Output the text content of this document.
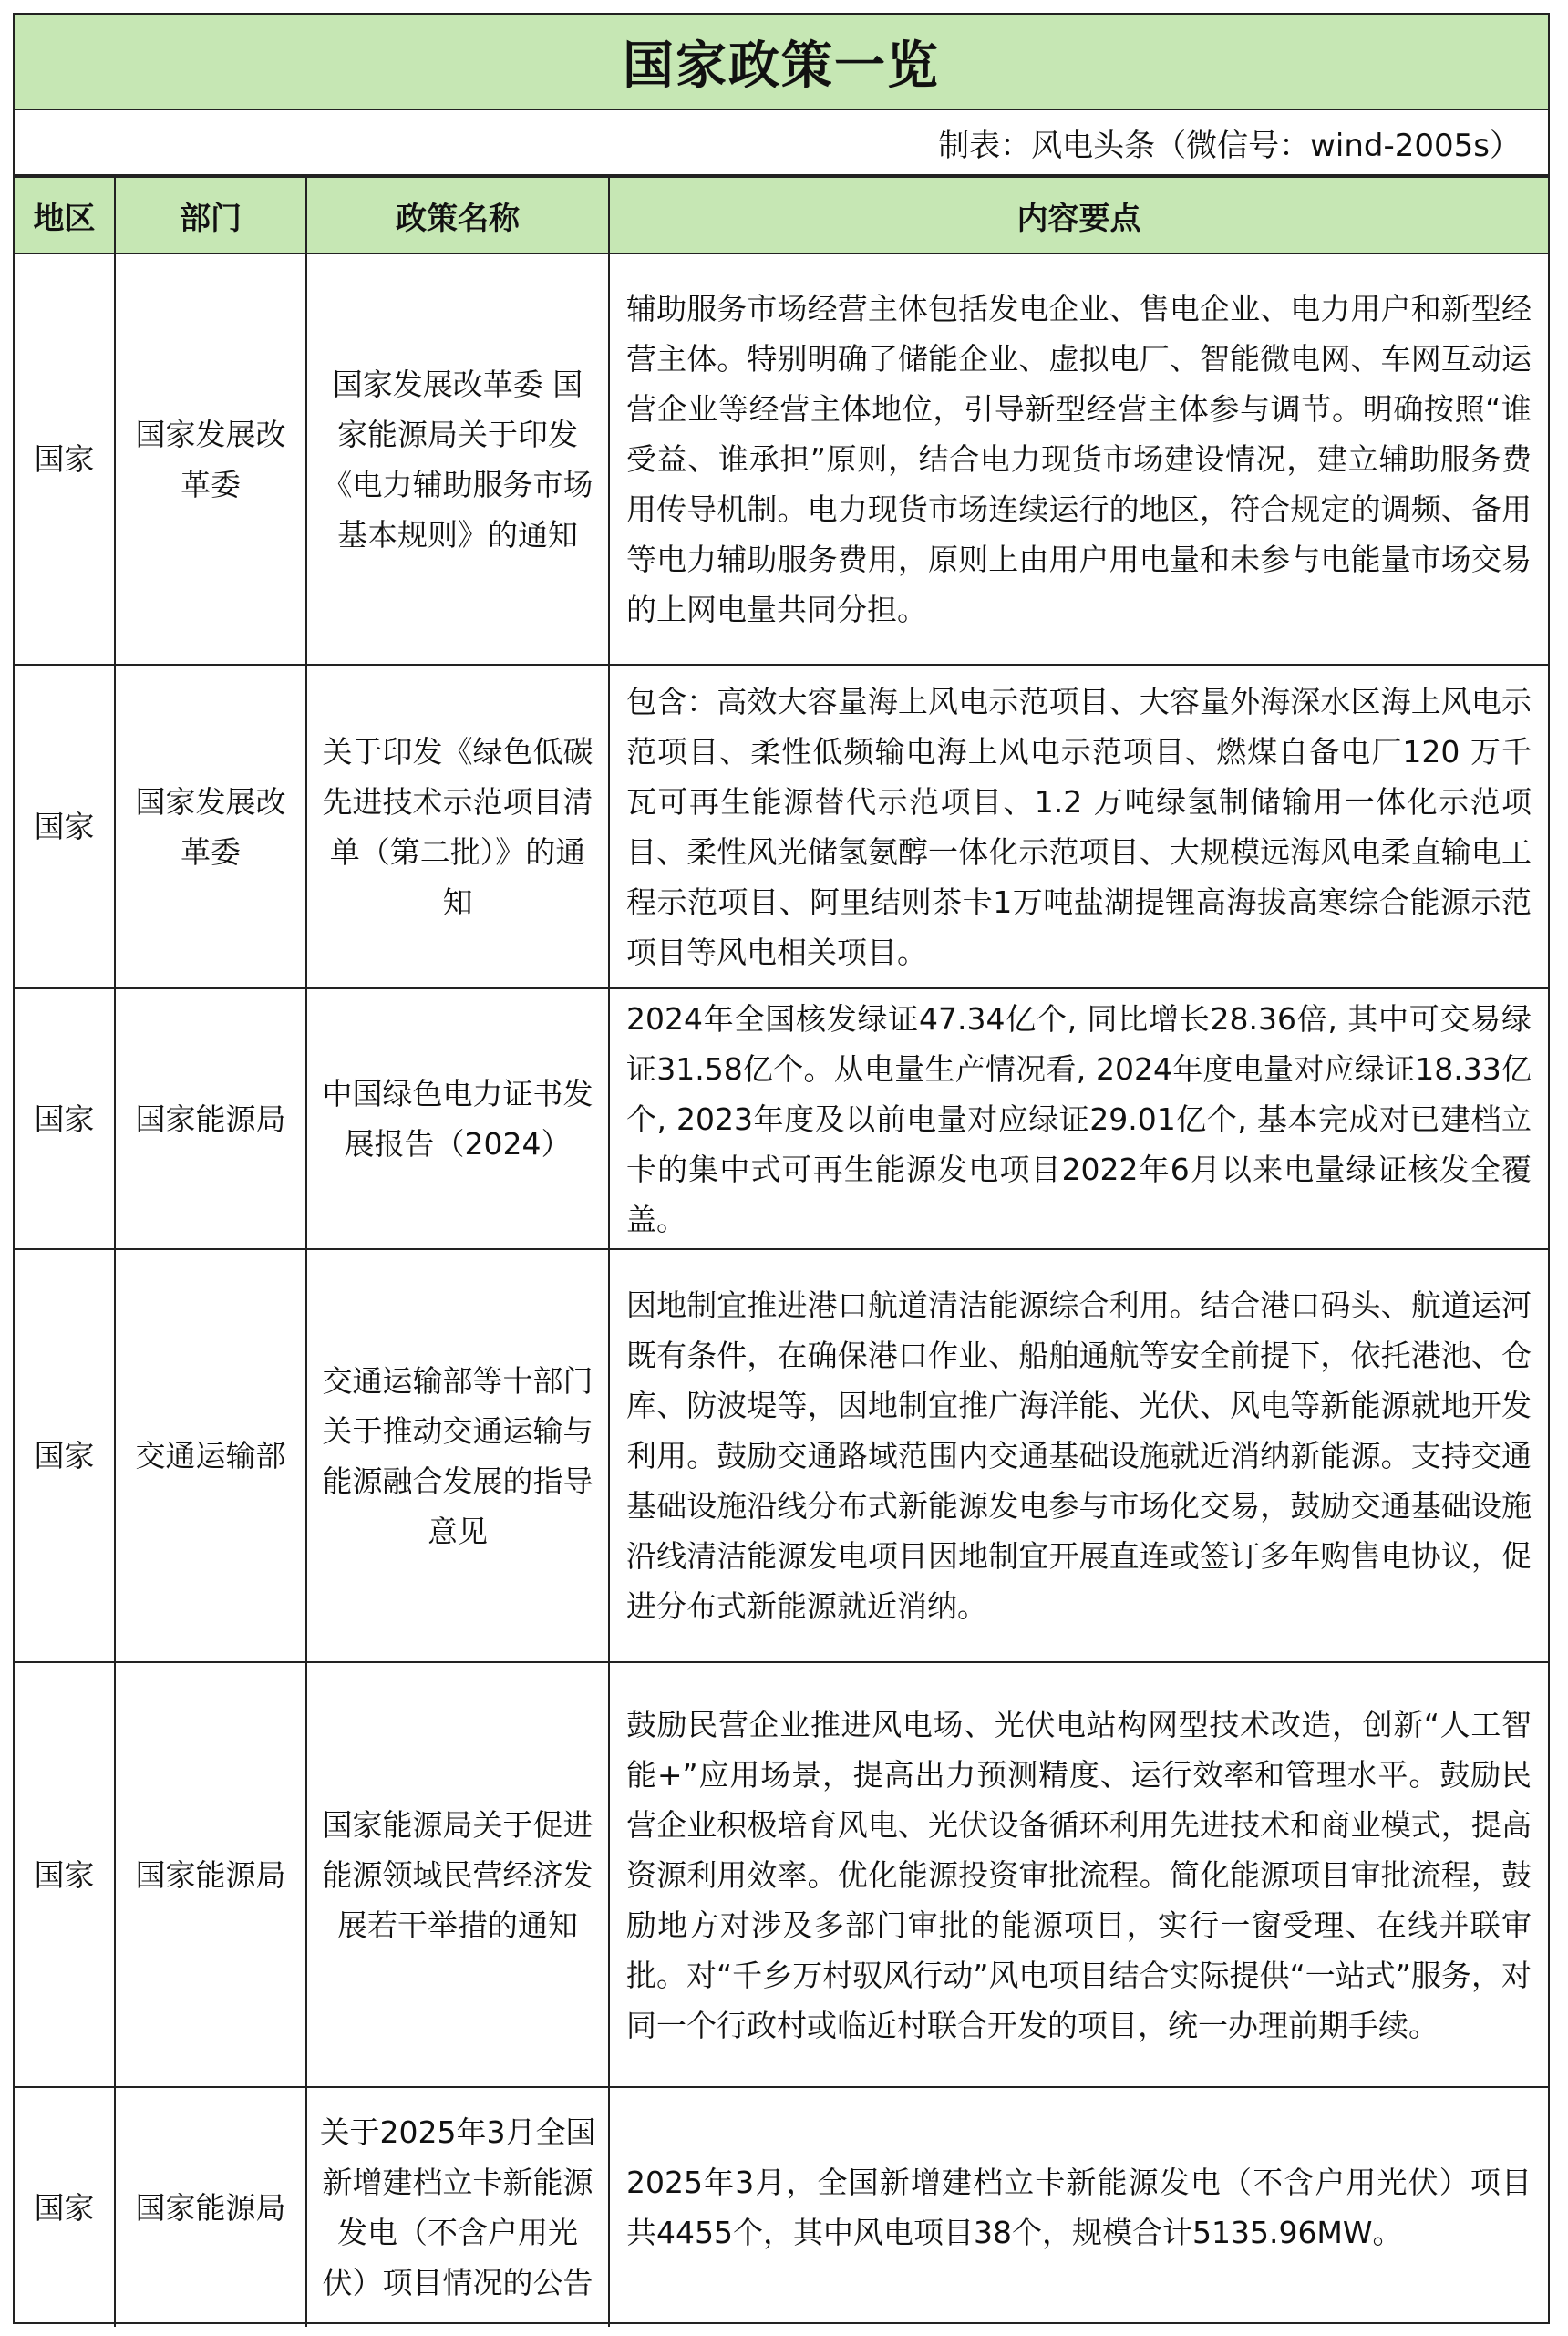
国家政策一览
制表：风电头条（微信号：wind-2005s）
地区	部门	政策名称	内容要点
国家	国家发展改革委	国家发展改革委 国家能源局关于印发《电力辅助服务市场基本规则》的通知	辅助服务市场经营主体包括发电企业、售电企业、电力用户和新型经营主体。特别明确了储能企业、虚拟电厂、智能微电网、车网互动运营企业等经营主体地位，引导新型经营主体参与调节。明确按照“谁受益、谁承担”原则，结合电力现货市场建设情况，建立辅助服务费用传导机制。电力现货市场连续运行的地区，符合规定的调频、备用等电力辅助服务费用，原则上由用户用电量和未参与电能量市场交易的上网电量共同分担。
国家	国家发展改革委	关于印发《绿色低碳先进技术示范项目清单（第二批）》的通知	包含：高效大容量海上风电示范项目、大容量外海深水区海上风电示范项目、柔性低频输电海上风电示范项目、燃煤自备电厂120 万千瓦可再生能源替代示范项目、1.2 万吨绿氢制储输用一体化示范项目、柔性风光储氢氨醇一体化示范项目、大规模远海风电柔直输电工程示范项目、阿里结则茶卡1万吨盐湖提锂高海拔高寒综合能源示范项目等风电相关项目。
国家	国家能源局	中国绿色电力证书发展报告（2024）	2024年全国核发绿证47.34亿个, 同比增长28.36倍, 其中可交易绿证31.58亿个。从电量生产情况看, 2024年度电量对应绿证18.33亿个, 2023年度及以前电量对应绿证29.01亿个, 基本完成对已建档立卡的集中式可再生能源发电项目2022年6月以来电量绿证核发全覆盖。
国家	交通运输部	交通运输部等十部门关于推动交通运输与能源融合发展的指导意见	因地制宜推进港口航道清洁能源综合利用。结合港口码头、航道运河既有条件，在确保港口作业、船舶通航等安全前提下，依托港池、仓库、防波堤等，因地制宜推广海洋能、光伏、风电等新能源就地开发利用。鼓励交通路域范围内交通基础设施就近消纳新能源。支持交通基础设施沿线分布式新能源发电参与市场化交易，鼓励交通基础设施沿线清洁能源发电项目因地制宜开展直连或签订多年购售电协议，促进分布式新能源就近消纳。
国家	国家能源局	国家能源局关于促进能源领域民营经济发展若干举措的通知	鼓励民营企业推进风电场、光伏电站构网型技术改造，创新“人工智能+”应用场景，提高出力预测精度、运行效率和管理水平。鼓励民营企业积极培育风电、光伏设备循环利用先进技术和商业模式，提高资源利用效率。优化能源投资审批流程。简化能源项目审批流程，鼓励地方对涉及多部门审批的能源项目，实行一窗受理、在线并联审批。对“千乡万村驭风行动”风电项目结合实际提供“一站式”服务，对同一个行政村或临近村联合开发的项目，统一办理前期手续。
国家	国家能源局	关于2025年3月全国新增建档立卡新能源发电（不含户用光伏）项目情况的公告	2025年3月，全国新增建档立卡新能源发电（不含户用光伏）项目共4455个，其中风电项目38个，规模合计5135.96MW。
